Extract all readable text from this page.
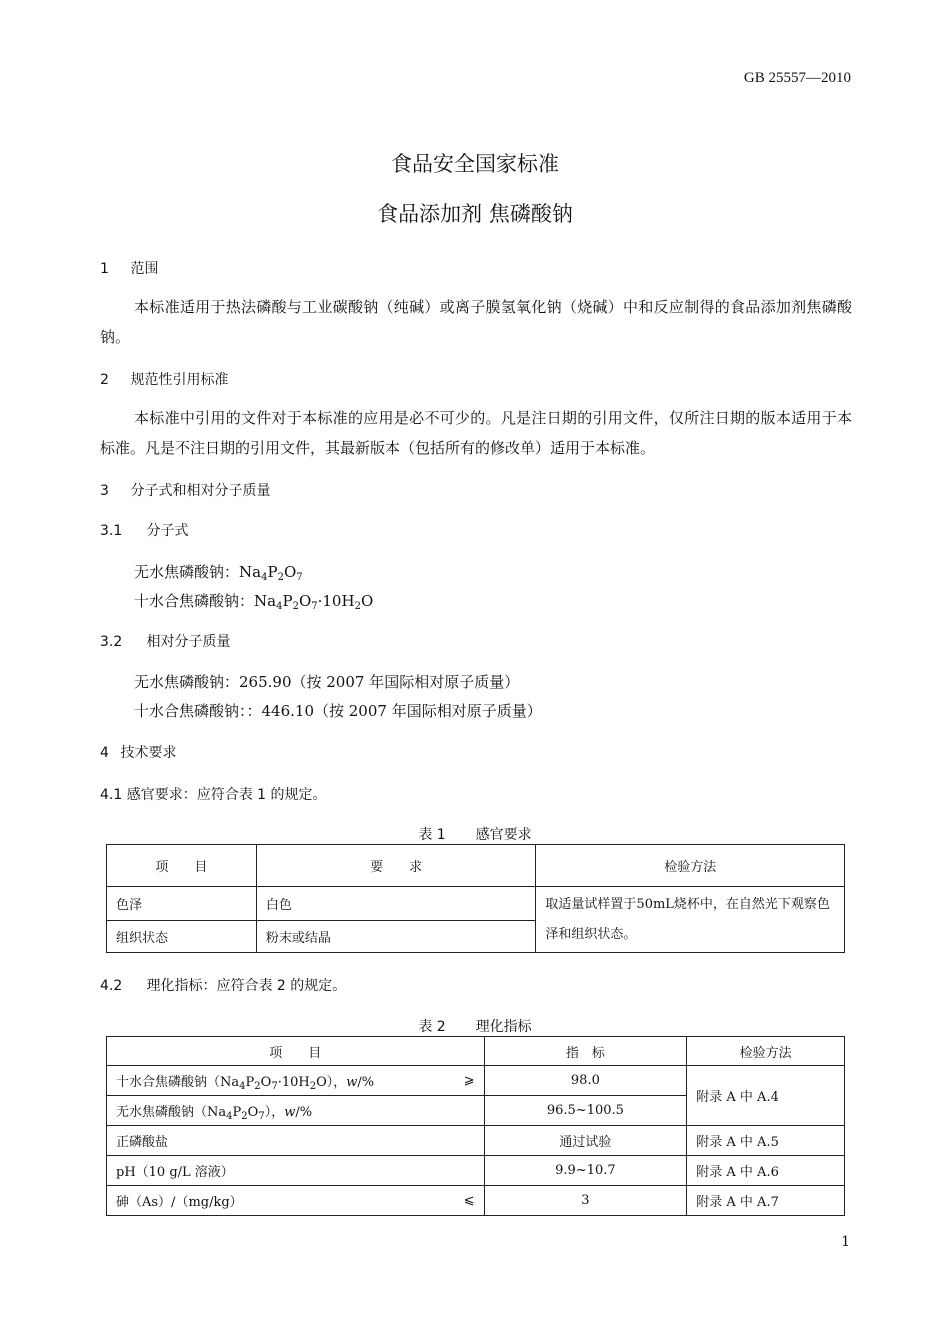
GB 25557—2010
食品安全国家标准
食品添加剂 焦磷酸钠
1 范围
本标准适用于热法磷酸与工业碳酸钠（纯碱）或离子膜氢氧化钠（烧碱）中和反应制得的食品添加剂焦磷酸钠。
2 规范性引用标准
本标准中引用的文件对于本标准的应用是必不可少的。凡是注日期的引用文件，仅所注日期的版本适用于本标准。凡是不注日期的引用文件，其最新版本（包括所有的修改单）适用于本标准。
3 分子式和相对分子质量
3.1 分子式
无水焦磷酸钠：$Na_4P_2O_7$
十水合焦磷酸钠：$Na_4P_2O_7\cdot 10H_2O$
3.2 相对分子质量
无水焦磷酸钠：265.90（按 2007 年国际相对原子质量）
十水合焦磷酸钠：：446.10（按 2007 年国际相对原子质量）
4 技术要求
4.1 感官要求：应符合表 1 的规定。
表 1 感官要求
项　　目	要　　求	检验方法
色泽	白色	取适量试样置于50mL烧杯中，在自然光下观察色泽和组织状态。
组织状态	粉末或结晶	
4.2 理化指标：应符合表 2 的规定。
表 2 理化指标
项　　目	指　标	检验方法

十水合焦磷酸钠$(Na_4P_2O_7\cdot 10H_2O)$，w/% ⩾	98.0	附录 A 中 A.4
无水焦磷酸钠$(Na_4P_2O_7)$，w/%	96.5~100.5	
正磷酸盐	通过试验	附录 A 中 A.5
pH（10 g/L 溶液）	9.9~10.7	附录 A 中 A.6

砷（As）/（mg/kg） ⩽	3	附录 A 中 A.7
1
